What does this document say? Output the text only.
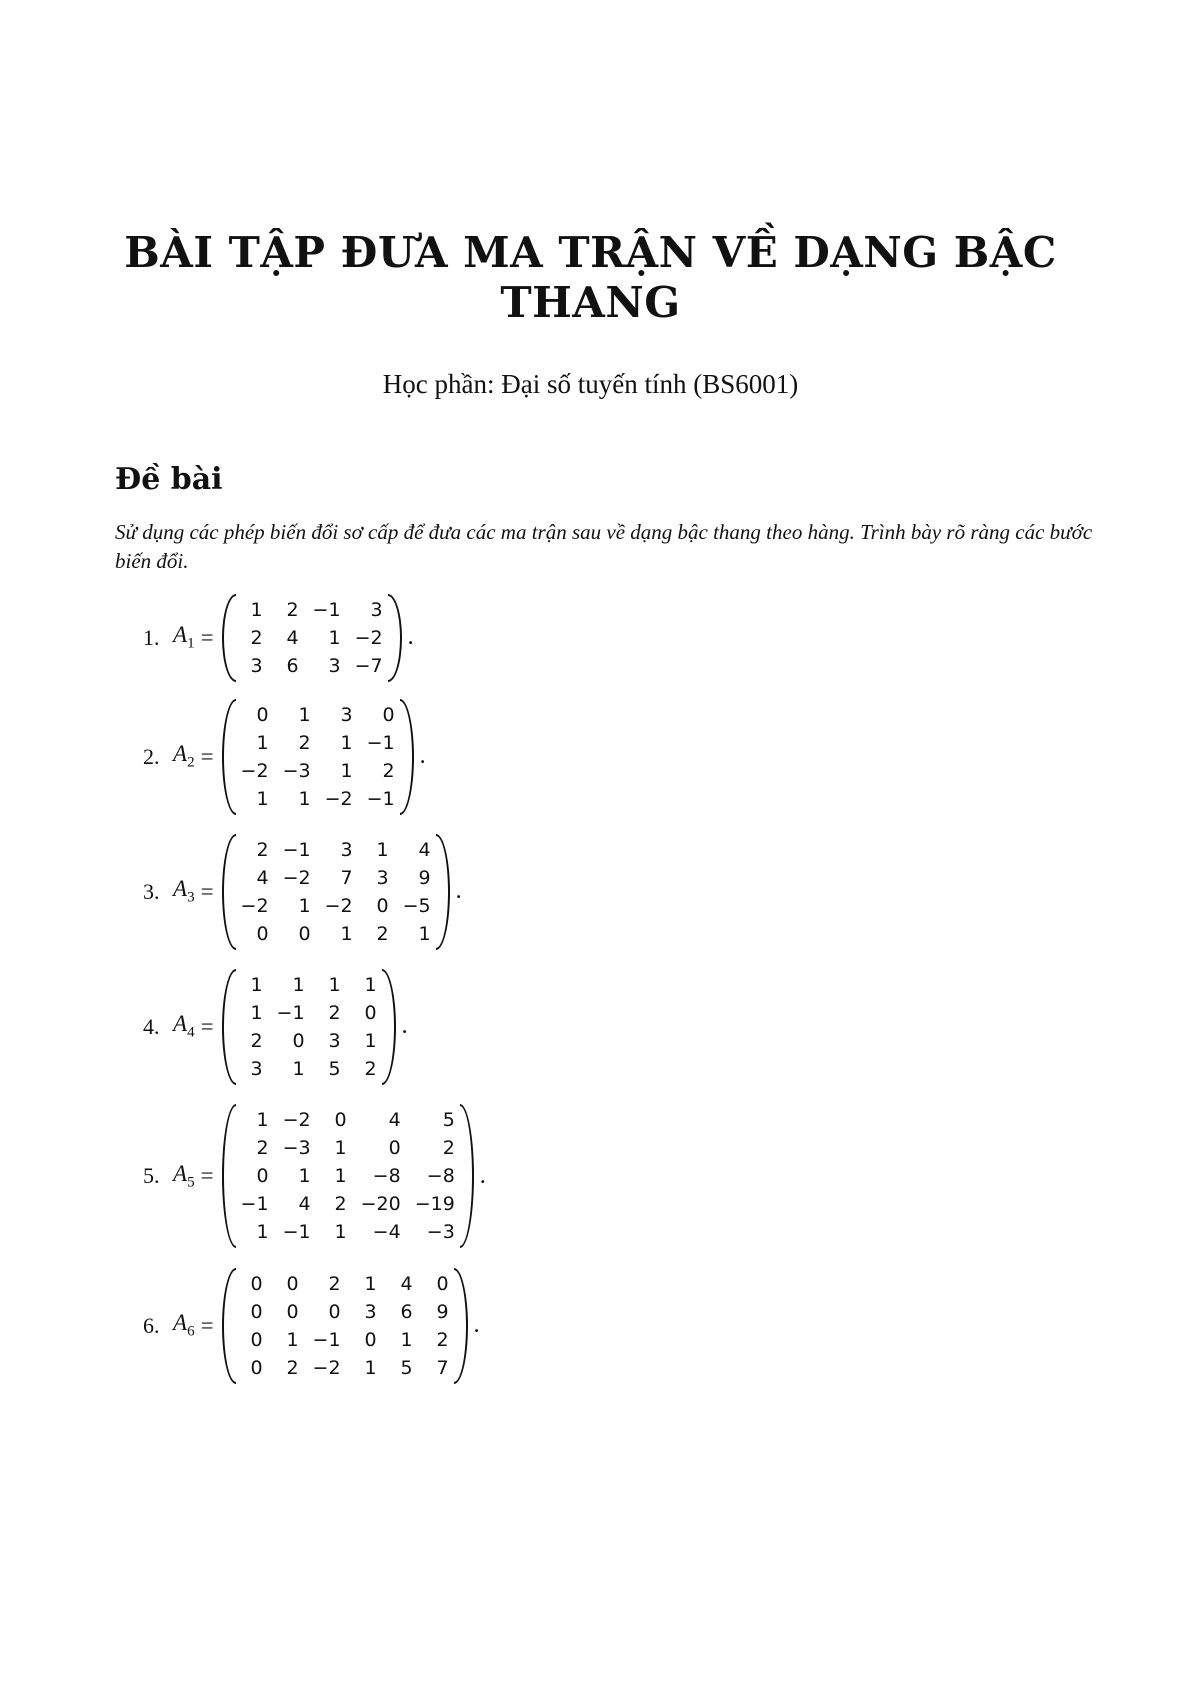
BÀI TẬP ĐƯA MA TRẬN VỀ DẠNG BẬC THANG
Học phần: Đại số tuyến tính (BS6001)
Đề bài
Sử dụng các phép biến đổi sơ cấp để đưa các ma trận sau về dạng bậc thang theo hàng. Trình bày rõ ràng các bước biến đổi.
1. $A_1$ =
1	2	−1	3
2	4	1	−2
3	6	3	−7
.
2. $A_2$ =
0	1	3	0
1	2	1	−1
−2	−3	1	2
1	1	−2	−1
.
3. $A_3$ =
2	−1	3	1	4
4	−2	7	3	9
−2	1	−2	0	−5
0	0	1	2	1
.
4. $A_4$ =
1	1	1	1
1	−1	2	0
2	0	3	1
3	1	5	2
.
5. $A_5$ =
1	−2	0	4	5
2	−3	1	0	2
0	1	1	−8	−8
−1	4	2	−20	−19
1	−1	1	−4	−3
.
6. $A_6$ =
0	0	2	1	4	0
0	0	0	3	6	9
0	1	−1	0	1	2
0	2	−2	1	5	7
.
